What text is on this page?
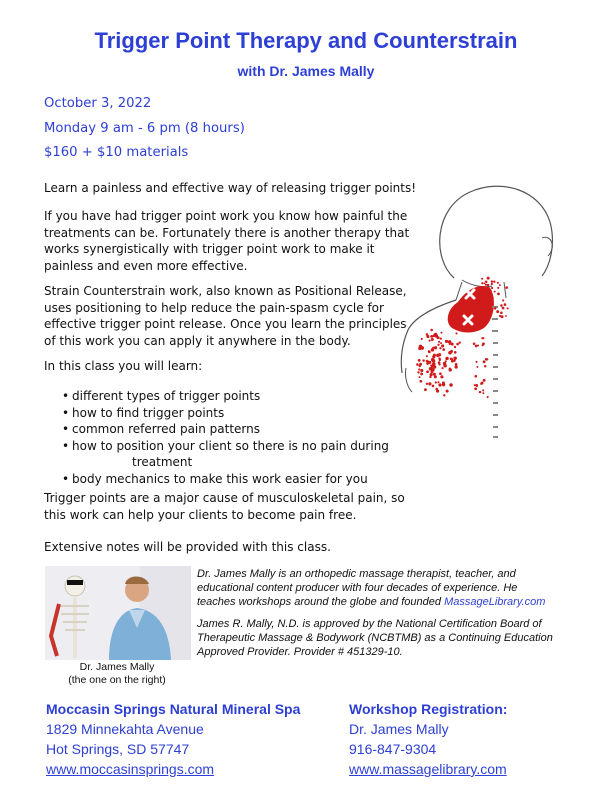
Trigger Point Therapy and Counterstrain
with Dr. James Mally
October 3, 2022
Monday 9 am - 6 pm (8 hours)
$160 + $10 materials
Learn a painless and effective way of releasing trigger points!
If you have had trigger point work you know how painful the treatments can be. Fortunately there is another therapy that works synergistically with trigger point work to make it painless and even more effective.
Strain Counterstrain work, also known as Positional Release, uses positioning to help reduce the pain-spasm cycle for effective trigger point release. Once you learn the principles of this work you can apply it anywhere in the body.
In this class you will learn:
• different types of trigger points
• how to find trigger points
• common referred pain patterns
• how to position your client so there is no pain during
treatment
• body mechanics to make this work easier for you
Trigger points are a major cause of musculoskeletal pain, so this work can help your clients to become pain free.
Extensive notes will be provided with this class.
Dr. James Mally
(the one on the right)
Dr. James Mally is an orthopedic massage therapist, teacher, and educational content producer with four decades of experience. He teaches workshops around the globe and founded MassageLibrary.com
James R. Mally, N.D. is approved by the National Certification Board of Therapeutic Massage & Bodywork (NCBTMB) as a Continuing Education Approved Provider. Provider # 451329-10.
Moccasin Springs Natural Mineral Spa
1829 Minnekahta Avenue
Hot Springs, SD 57747
www.moccasinsprings.com
Workshop Registration:
Dr. James Mally
916-847-9304
www.massagelibrary.com
